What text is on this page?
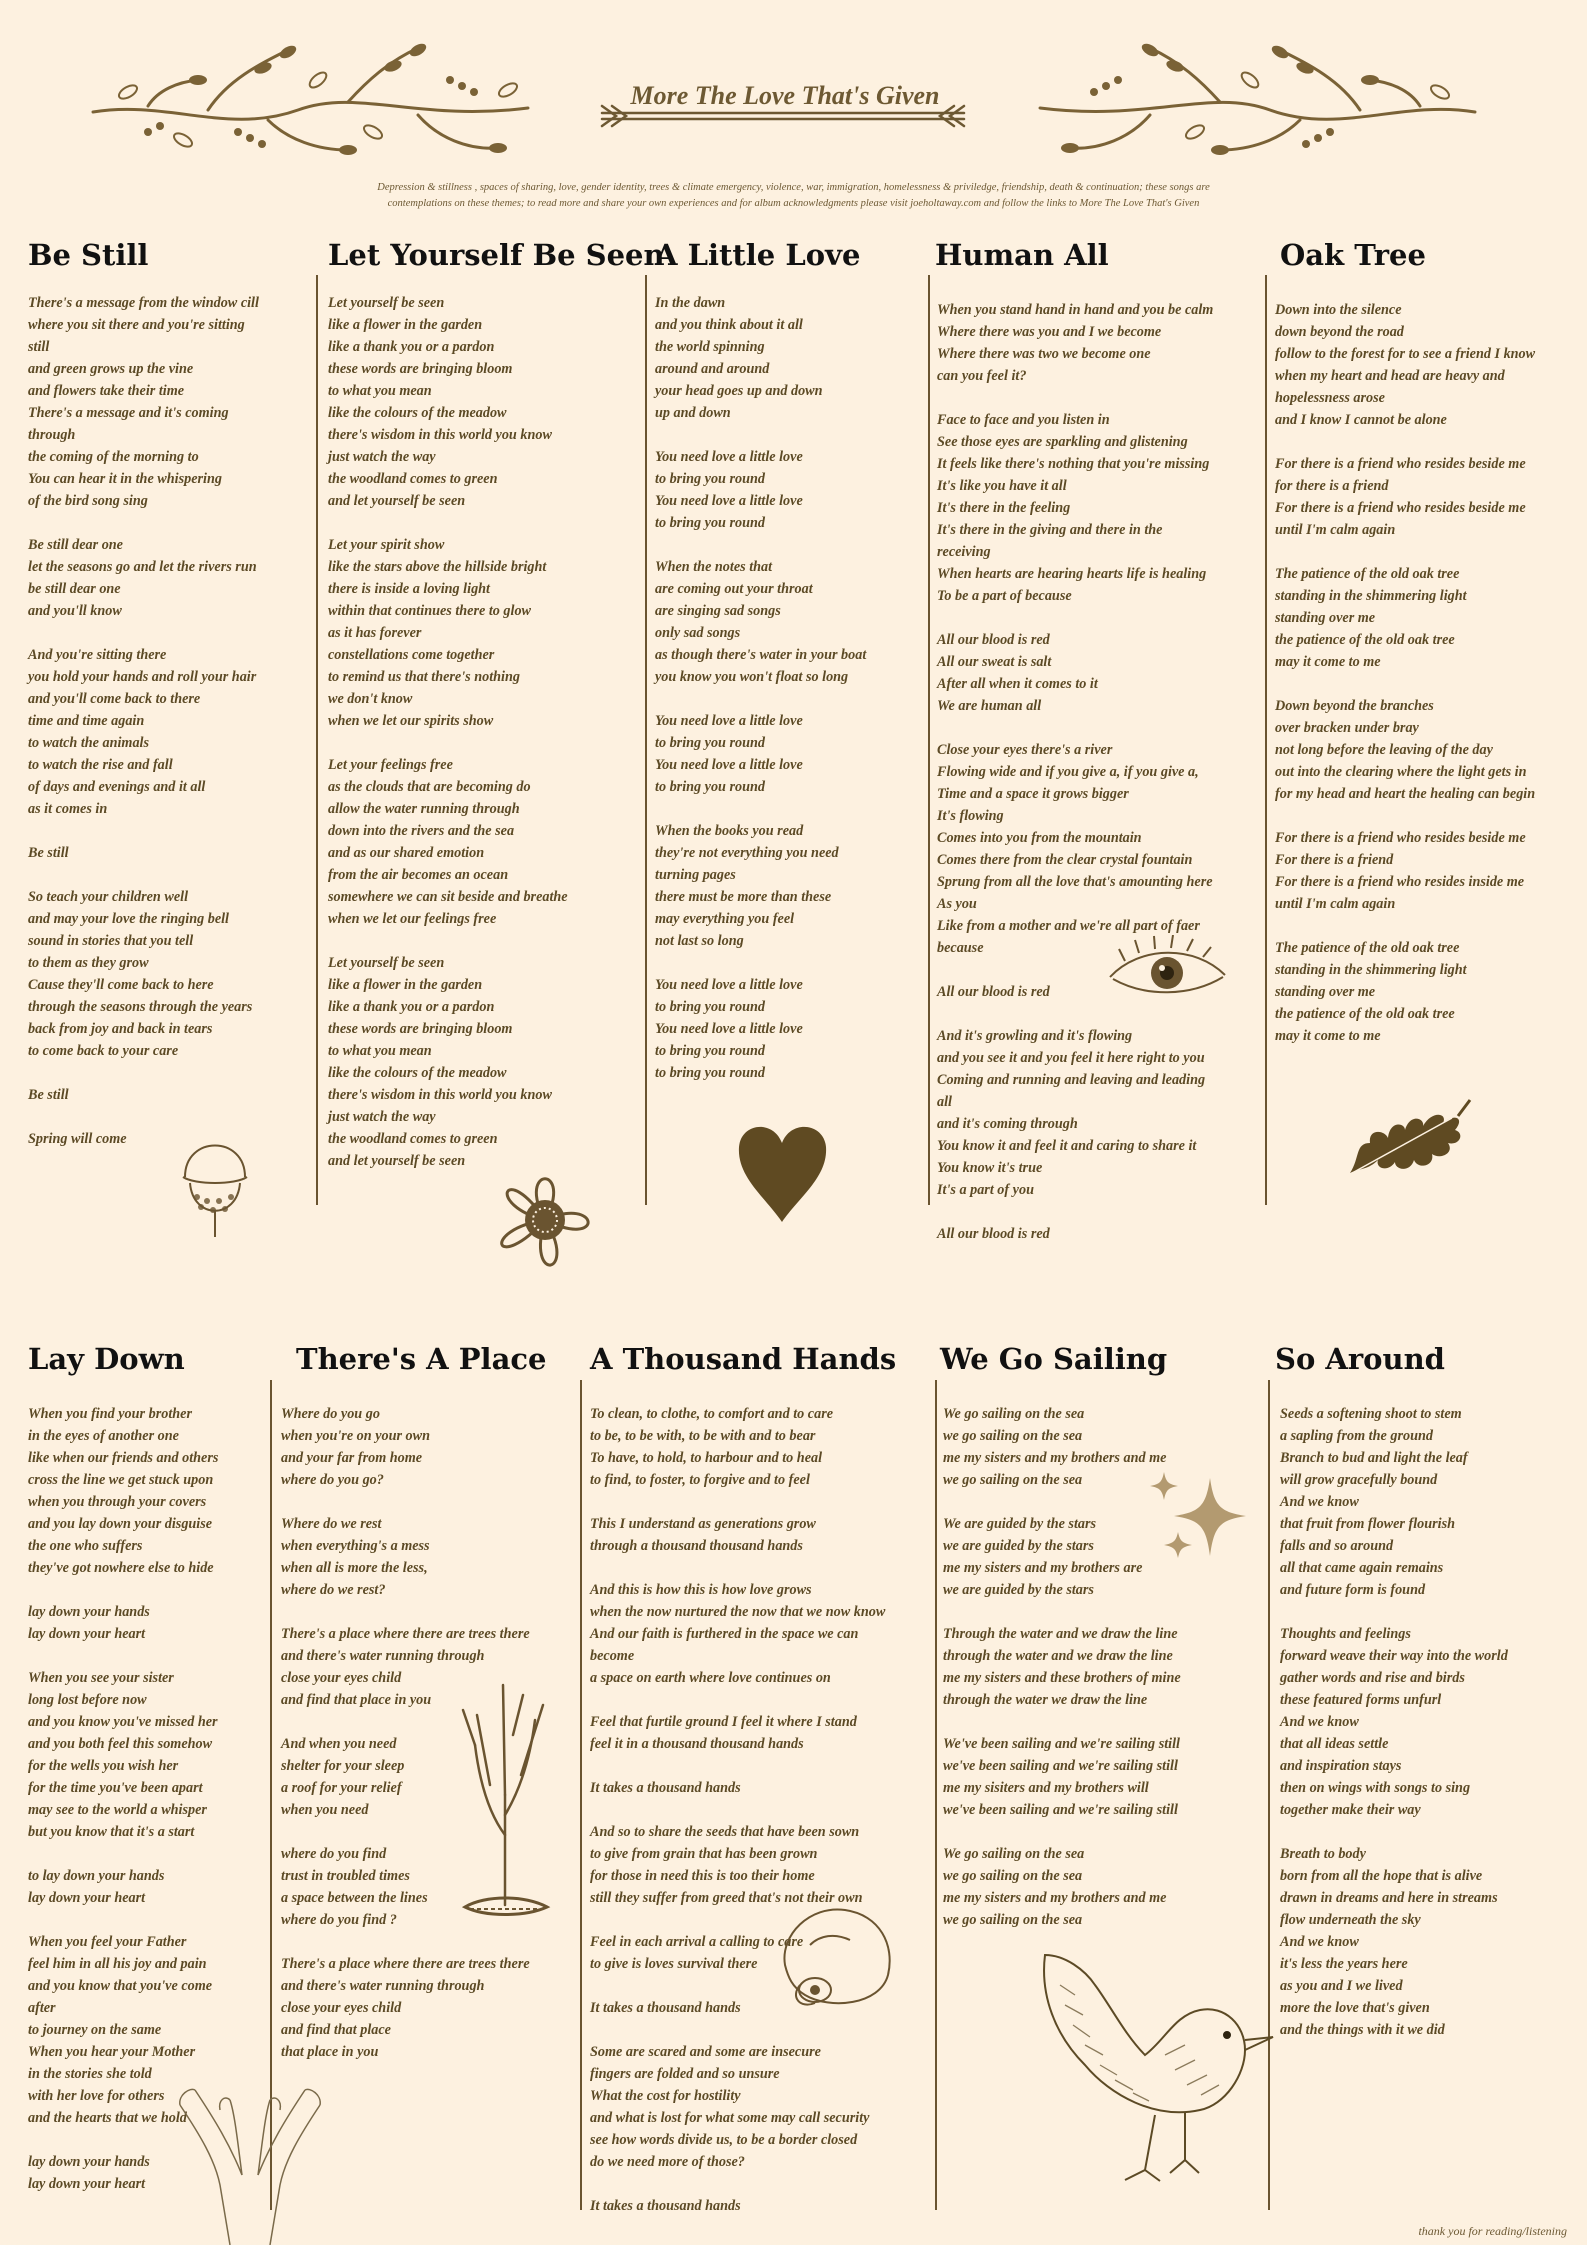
More The Love That's Given

Depression & stillness , spaces of sharing, love, gender identity, trees & climate emergency, violence, war, immigration, homelessness & priviledge, friendship, death & continuation; these songs are contemplations on these themes; to read more and share your own experiences and for album acknowledgments please visit joeholtaway.com and follow the links to More The Love That's Given

Be Still	Let Yourself Be Seen
A Little Love	Human All	Oak Tree
There's a message from the window cill
where you sit there and you're sitting
still
and green grows up the vine
and flowers take their time
There's a message and it's coming
through
the coming of the morning to
You can hear it in the whispering
of the bird song sing
Be still dear one
let the seasons go and let the rivers run
be still dear one
and you'll know
And you're sitting there
you hold your hands and roll your hair
and you'll come back to there
time and time again
to watch the animals
to watch the rise and fall
of days and evenings and it all
as it comes in
Be still
So teach your children well
and may your love the ringing bell
sound in stories that you tell
to them as they grow
Cause they'll come back to here
through the seasons through the years
back from joy and back in tears
to come back to your care
Be still
Spring will come
Let yourself be seen
like a flower in the garden
like a thank you or a pardon
these words are bringing bloom
to what you mean
like the colours of the meadow
there's wisdom in this world you know
just watch the way
the woodland comes to green
and let yourself be seen
Let your spirit show
like the stars above the hillside bright
there is inside a loving light
within that continues there to glow
as it has forever
constellations come together
to remind us that there's nothing
we don't know
when we let our spirits show
Let your feelings free
as the clouds that are becoming do
allow the water running through
down into the rivers and the sea
and as our shared emotion
from the air becomes an ocean
somewhere we can sit beside and breathe
when we let our feelings free
Let yourself be seen
like a flower in the garden
like a thank you or a pardon
these words are bringing bloom
to what you mean
like the colours of the meadow
there's wisdom in this world you know
just watch the way
the woodland comes to green
and let yourself be seen
In the dawn
and you think about it all
the world spinning
around and around
your head goes up and down
up and down
You need love a little love
to bring you round
You need love a little love
to bring you round
When the notes that
are coming out your throat
are singing sad songs
only sad songs
as though there's water in your boat
you know you won't float so long
You need love a little love
to bring you round
You need love a little love
to bring you round
When the books you read
they're not everything you need
turning pages
there must be more than these
may everything you feel
not last so long
You need love a little love
to bring you round
You need love a little love
to bring you round
to bring you round
When you stand hand in hand and you be calm
Where there was you and I we become
Where there was two we become one
can you feel it?
Face to face and you listen in
See those eyes are sparkling and glistening
It feels like there's nothing that you're missing
It's like you have it all
It's there in the feeling
It's there in the giving and there in the
receiving
When hearts are hearing hearts life is healing
To be a part of because
All our blood is red
All our sweat is salt
After all when it comes to it
We are human all
Close your eyes there's a river
Flowing wide and if you give a, if you give a,
Time and a space it grows bigger
It's flowing
Comes into you from the mountain
Comes there from the clear crystal fountain
Sprung from all the love that's amounting here
As you
Like from a mother and we're all part of faer
because
All our blood is red
And it's growling and it's flowing
and you see it and you feel it here right to you
Coming and running and leaving and leading
all
and it's coming through
You know it and feel it and caring to share it
You know it's true
It's a part of you
All our blood is red
Down into the silence
down beyond the road
follow to the forest for to see a friend I know
when my heart and head are heavy and
hopelessness arose
and I know I cannot be alone
For there is a friend who resides beside me
for there is a friend
For there is a friend who resides beside me
until I'm calm again
The patience of the old oak tree
standing in the shimmering light
standing over me
the patience of the old oak tree
may it come to me
Down beyond the branches
over bracken under bray
not long before the leaving of the day
out into the clearing where the light gets in
for my head and heart the healing can begin
For there is a friend who resides beside me
For there is a friend
For there is a friend who resides inside me
until I'm calm again
The patience of the old oak tree
standing in the shimmering light
standing over me
the patience of the old oak tree
may it come to me
Lay Down	There's A Place A Thousand Hands We Go Sailing	So Around
When you find your brother
in the eyes of another one
like when our friends and others
cross the line we get stuck upon
when you through your covers
and you lay down your disguise
the one who suffers
they've got nowhere else to hide
lay down your hands
lay down your heart
When you see your sister
long lost before now
and you know you've missed her
and you both feel this somehow
for the wells you wish her
for the time you've been apart
may see to the world a whisper
but you know that it's a start
to lay down your hands
lay down your heart
When you feel your Father
feel him in all his joy and pain
and you know that you've come
after
to journey on the same
When you hear your Mother
in the stories she told
with her love for others
and the hearts that we hold
lay down your hands
lay down your heart
Where do you go
when you're on your own
and your far from home
where do you go?
Where do we rest
when everything's a mess
when all is more the less,
where do we rest?
There's a place where there are trees there
and there's water running through
close your eyes child
and find that place in you
And when you need
shelter for your sleep
a roof for your relief
when you need
where do you find
trust in troubled times
a space between the lines
where do you find ?
There's a place where there are trees there
and there's water running through
close your eyes child
and find that place
that place in you
To clean, to clothe, to comfort and to care
to be, to be with, to be with and to bear
To have, to hold, to harbour and to heal
to find, to foster, to forgive and to feel
This I understand as generations grow
through a thousand thousand hands
And this is how this is how love grows
when the now nurtured the now that we now know
And our faith is furthered in the space we can
become
a space on earth where love continues on
Feel that furtile ground I feel it where I stand
feel it in a thousand thousand hands
It takes a thousand hands
And so to share the seeds that have been sown
to give from grain that has been grown
for those in need this is too their home
still they suffer from greed that's not their own
Feel in each arrival a calling to care
to give is loves survival there
It takes a thousand hands
Some are scared and some are insecure
fingers are folded and so unsure
What the cost for hostility
and what is lost for what some may call security
see how words divide us, to be a border closed
do we need more of those?
It takes a thousand hands
We go sailing on the sea
we go sailing on the sea
me my sisters and my brothers and me
we go sailing on the sea
We are guided by the stars
we are guided by the stars
me my sisters and my brothers are
we are guided by the stars
Through the water and we draw the line
through the water and we draw the line
me my sisters and these brothers of mine
through the water we draw the line
We've been sailing and we're sailing still
we've been sailing and we're sailing still
me my sisiters and my brothers will
we've been sailing and we're sailing still
We go sailing on the sea
we go sailing on the sea
me my sisters and my brothers and me
we go sailing on the sea
Seeds a softening shoot to stem
a sapling from the ground
Branch to bud and light the leaf
will grow gracefully bound
And we know
that fruit from flower flourish
falls and so around
all that came again remains
and future form is found
Thoughts and feelings
forward weave their way into the world
gather words and rise and birds
these featured forms unfurl
And we know
that all ideas settle
and inspiration stays
then on wings with songs to sing
together make their way
Breath to body
born from all the hope that is alive
drawn in dreams and here in streams
flow underneath the sky
And we know
it's less the years here
as you and I we lived
more the love that's given
and the things with it we did
thank you for reading/listening
